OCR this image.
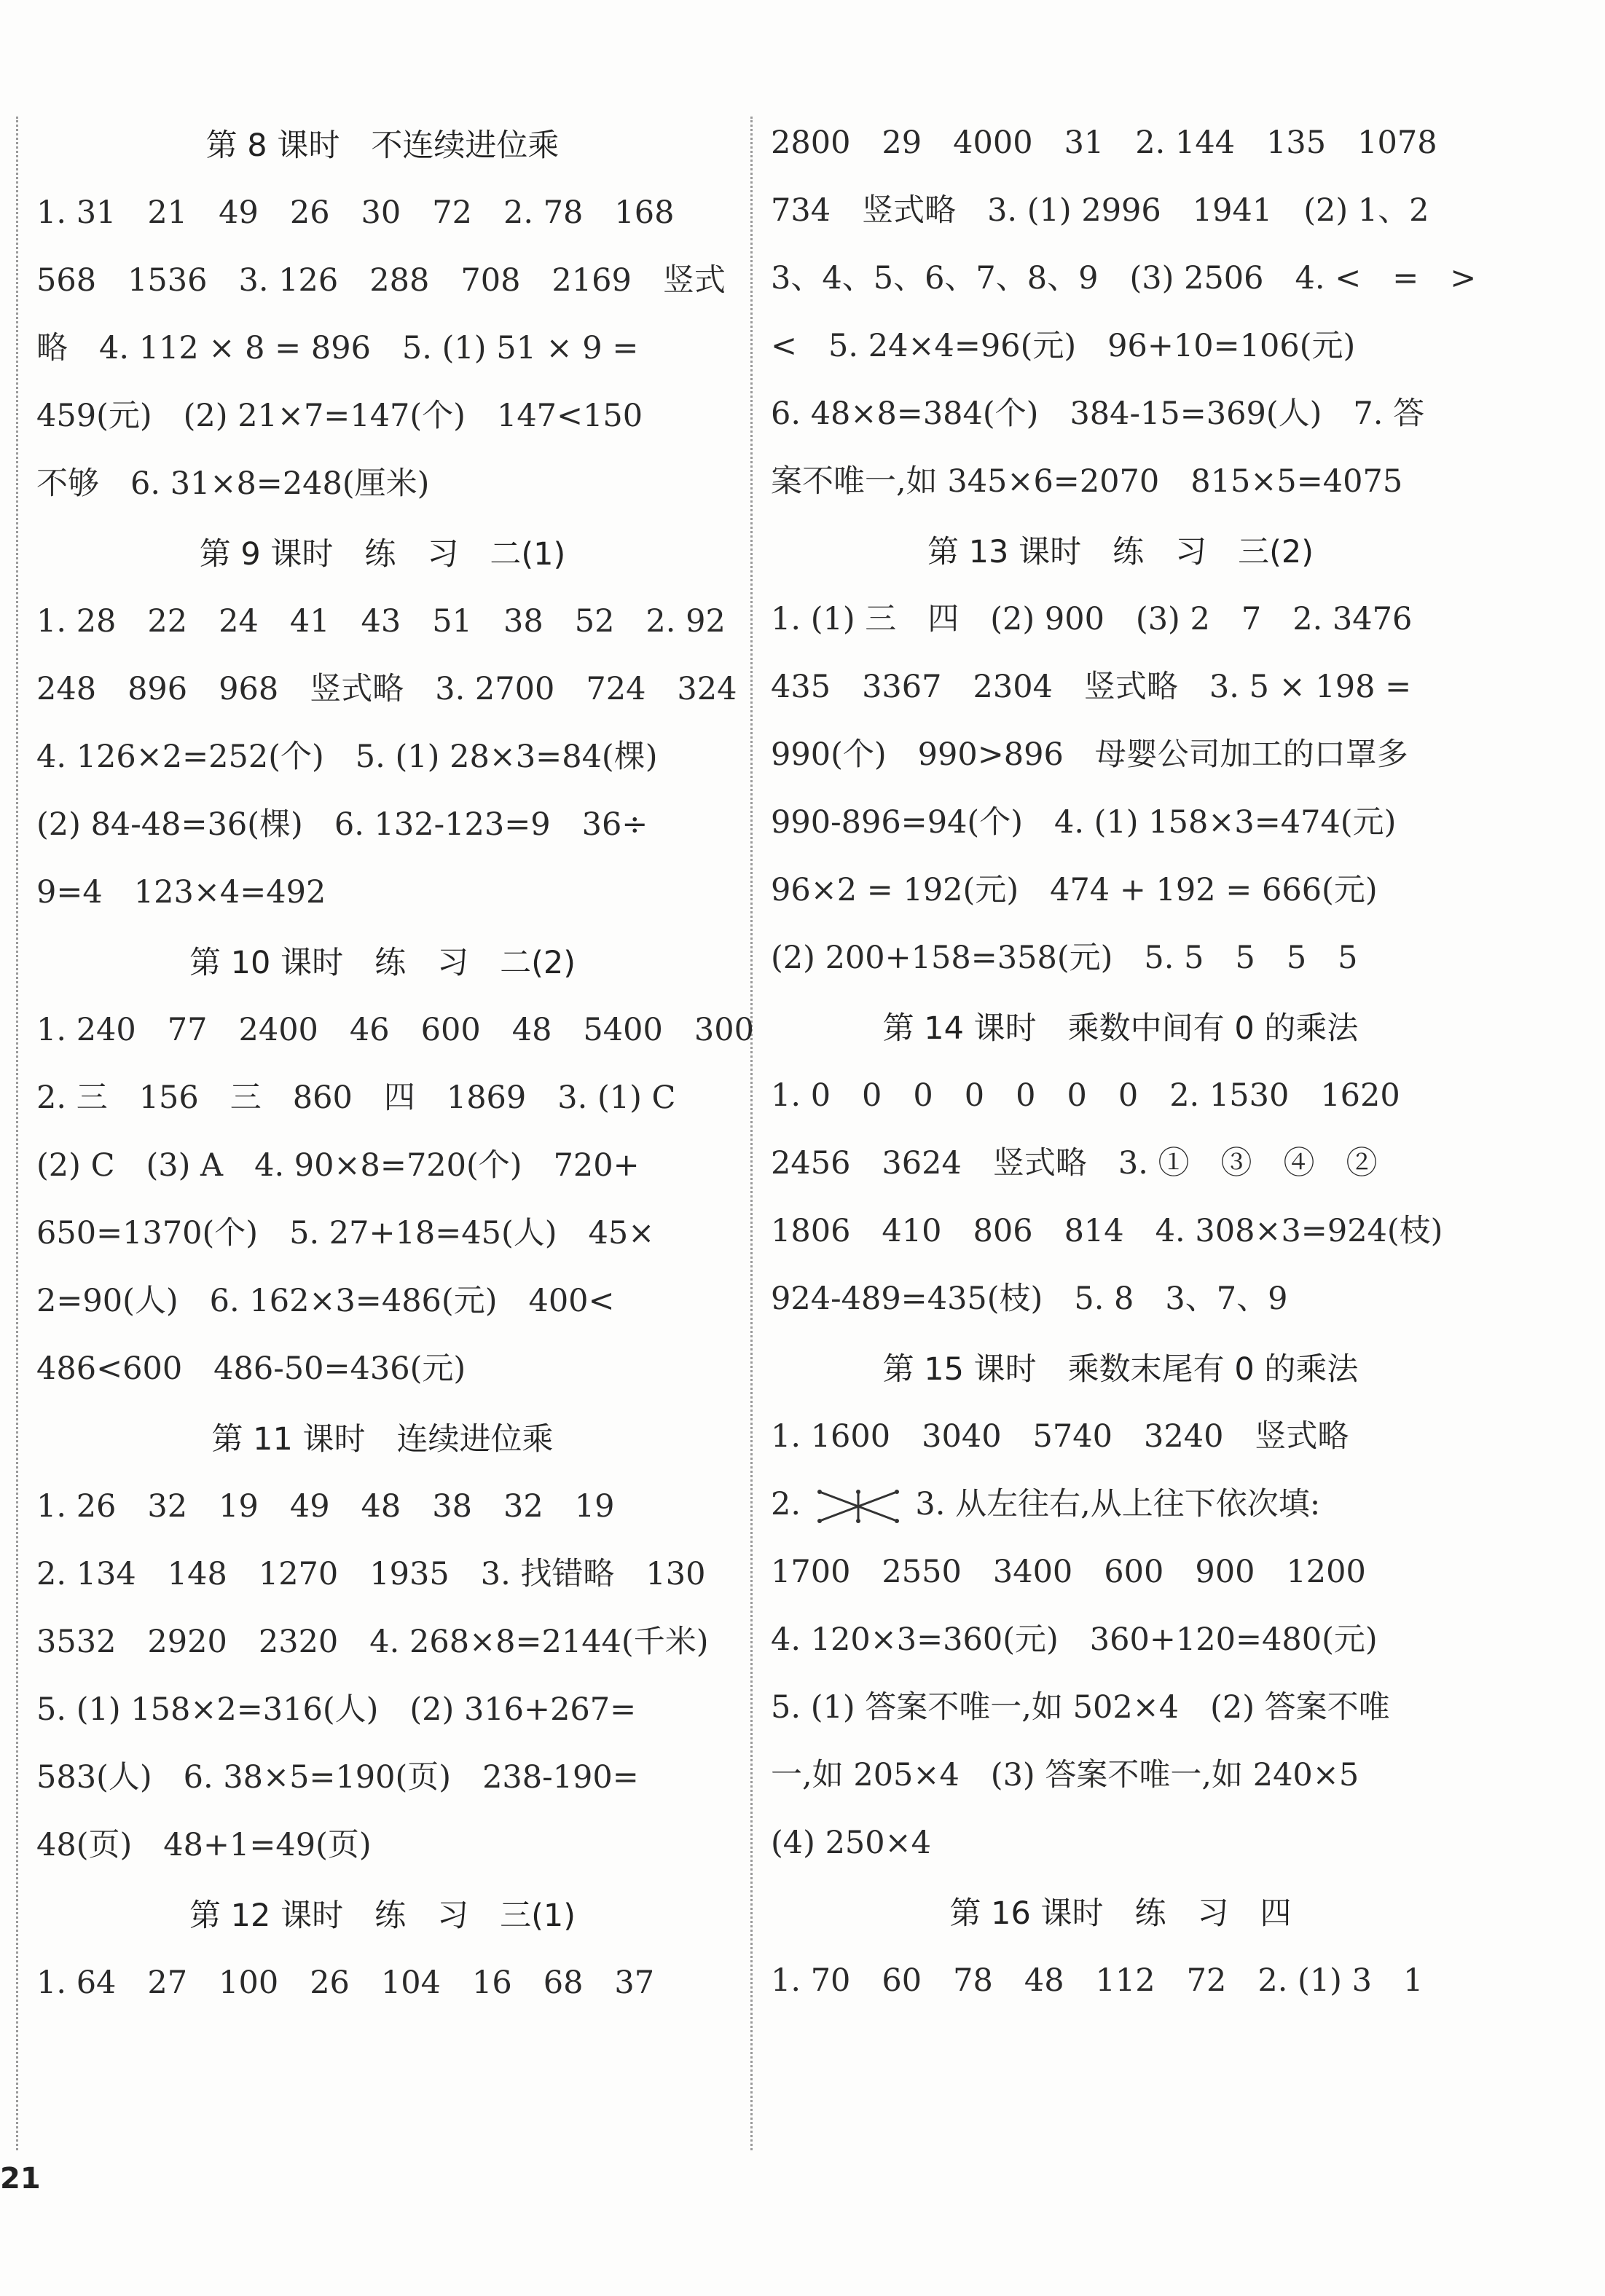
第 8 课时　不连续进位乘
1. 31　21　49　26　30　72　2. 78　168
568　1536　3. 126　288　708　2169　竖式
略　4. 112 × 8 = 896　5. (1) 51 × 9 =
459(元)　(2) 21×7=147(个)　147<150
不够　6. 31×8=248(厘米)
第 9 课时　练　习　二(1)
1. 28　22　24　41　43　51　38　52　2. 92
248　896　968　竖式略　3. 2700　724　324
4. 126×2=252(个)　5. (1) 28×3=84(棵)
(2) 84-48=36(棵)　6. 132-123=9　36÷
9=4　123×4=492
第 10 课时　练　习　二(2)
1. 240　77　2400　46　600　48　5400　300
2. 三　156　三　860　四　1869　3. (1) C
(2) C　(3) A　4. 90×8=720(个)　720+
650=1370(个)　5. 27+18=45(人)　45×
2=90(人)　6. 162×3=486(元)　400<
486<600　486-50=436(元)
第 11 课时　连续进位乘
1. 26　32　19　49　48　38　32　19
2. 134　148　1270　1935　3. 找错略　130
3532　2920　2320　4. 268×8=2144(千米)
5. (1) 158×2=316(人)　(2) 316+267=
583(人)　6. 38×5=190(页)　238-190=
48(页)　48+1=49(页)
第 12 课时　练　习　三(1)
1. 64　27　100　26　104　16　68　37
2800　29　4000　31　2. 144　135　1078
734　竖式略　3. (1) 2996　1941　(2) 1、2
3、4、5、6、7、8、9　(3) 2506　4. <　=　>
<　5. 24×4=96(元)　96+10=106(元)
6. 48×8=384(个)　384-15=369(人)　7. 答
案不唯一,如 345×6=2070　815×5=4075
第 13 课时　练　习　三(2)
1. (1) 三　四　(2) 900　(3) 2　7　2. 3476
435　3367　2304　竖式略　3. 5 × 198 =
990(个)　990>896　母婴公司加工的口罩多
990-896=94(个)　4. (1) 158×3=474(元)
96×2 = 192(元)　474 + 192 = 666(元)
(2) 200+158=358(元)　5. 5　5　5　5
第 14 课时　乘数中间有 0 的乘法
1. 0　0　0　0　0　0　0　2. 1530　1620
2456　3624　竖式略　3. ①　③　④　②
1806　410　806　814　4. 308×3=924(枝)
924-489=435(枝)　5. 8　3、7、9
第 15 课时　乘数末尾有 0 的乘法
1. 1600　3040　5740　3240　竖式略
2.	3. 从左往右,从上往下依次填:
1700　2550　3400　600　900　1200
4. 120×3=360(元)　360+120=480(元)
5. (1) 答案不唯一,如 502×4　(2) 答案不唯
一,如 205×4　(3) 答案不唯一,如 240×5
(4) 250×4
第 16 课时　练　习　四
1. 70　60　78　48　112　72　2. (1) 3　1
21
